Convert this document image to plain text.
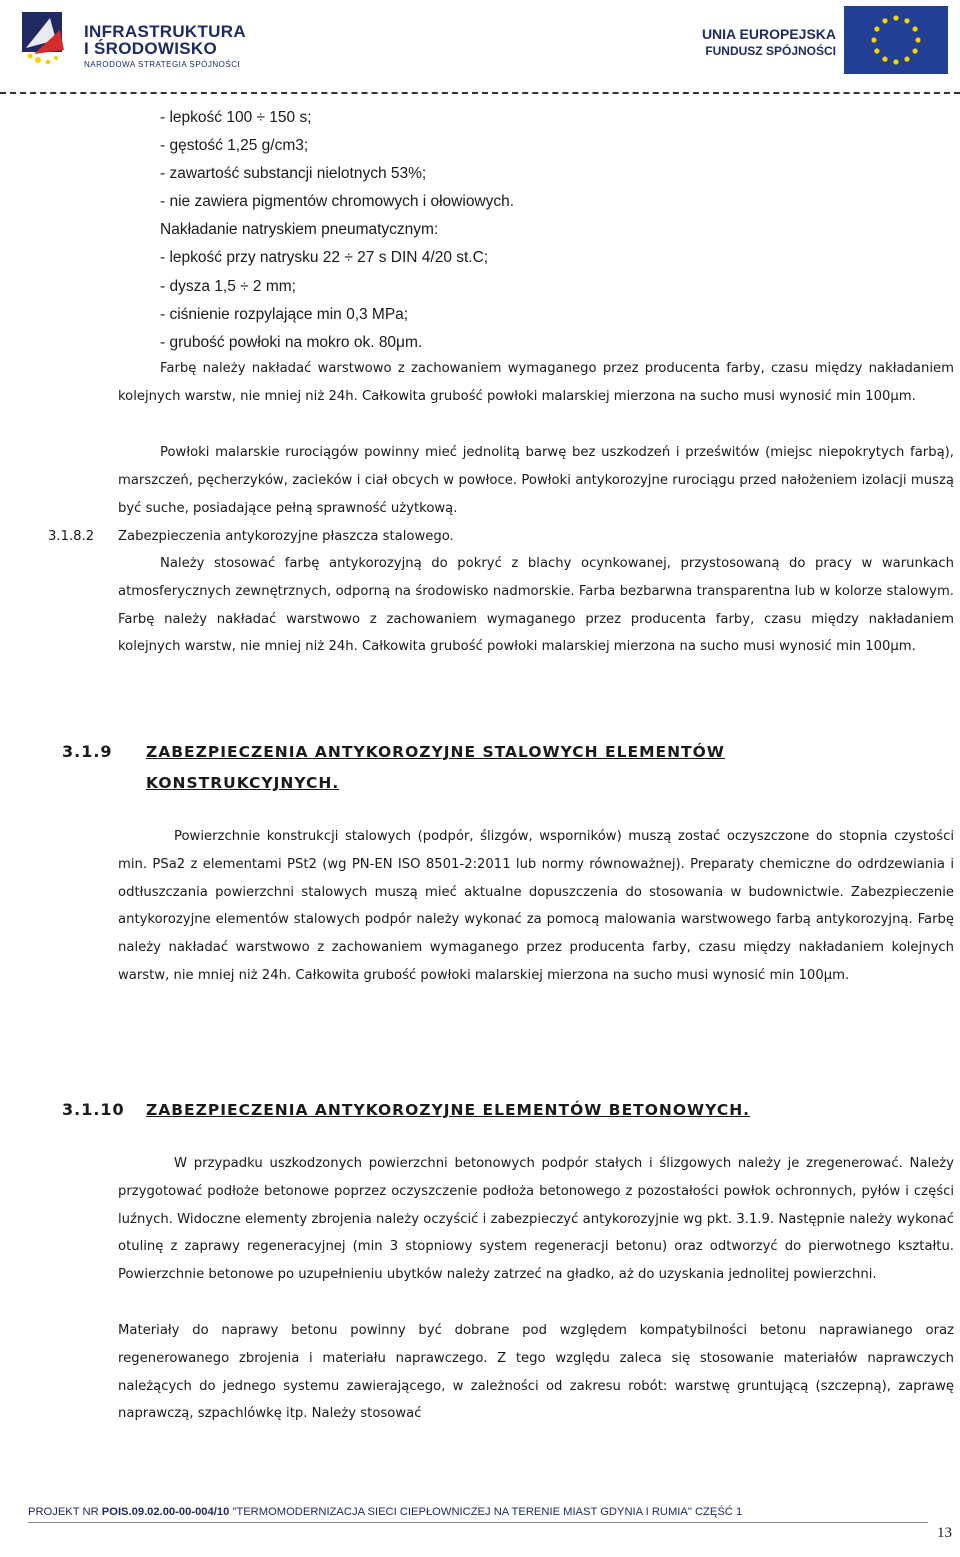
INFRASTRUKTURA
I ŚRODOWISKO
NARODOWA STRATEGIA SPÓJNOŚCI
UNIA EUROPEJSKA
FUNDUSZ SPÓJNOŚCI
- lepkość 100 ÷ 150 s;
- gęstość 1,25 g/cm3;
- zawartość substancji nielotnych 53%;
- nie zawiera pigmentów chromowych i ołowiowych.
Nakładanie natryskiem pneumatycznym:
- lepkość przy natrysku 22 ÷ 27 s DIN 4/20 st.C;
- dysza 1,5 ÷ 2 mm;
- ciśnienie rozpylające min 0,3 MPa;
- grubość powłoki na mokro ok. 80μm.

Farbę należy nakładać warstwowo z zachowaniem wymaganego przez producenta farby, czasu między nakładaniem kolejnych warstw, nie mniej niż 24h. Całkowita grubość powłoki malarskiej mierzona na sucho musi wynosić min 100μm.

Powłoki malarskie rurociągów powinny mieć jednolitą barwę bez uszkodzeń i prześwitów (miejsc niepokrytych farbą), marszczeń, pęcherzyków, zacieków i ciał obcych w powłoce. Powłoki antykorozyjne rurociągu przed nałożeniem izolacji muszą być suche, posiadające pełną sprawność użytkową.

3.1.8.2 Zabezpieczenia antykorozyjne płaszcza stalowego.

Należy stosować farbę antykorozyjną do pokryć z blachy ocynkowanej, przystosowaną do pracy w warunkach atmosferycznych zewnętrznych, odporną na środowisko nadmorskie. Farba bezbarwna transparentna lub w kolorze stalowym. Farbę należy nakładać warstwowo z zachowaniem wymaganego przez producenta farby, czasu między nakładaniem kolejnych warstw, nie mniej niż 24h. Całkowita grubość powłoki malarskiej mierzona na sucho musi wynosić min 100μm.

3.1.9 ZABEZPIECZENIA ANTYKOROZYJNE STALOWYCH ELEMENTÓW
KONSTRUKCYJNYCH.

Powierzchnie konstrukcji stalowych (podpór, ślizgów, wsporników) muszą zostać oczyszczone do stopnia czystości min. PSa2 z elementami PSt2 (wg PN-EN ISO 8501-2:2011 lub normy równoważnej). Preparaty chemiczne do odrdzewiania i odtłuszczania powierzchni stalowych muszą mieć aktualne dopuszczenia do stosowania w budownictwie. Zabezpieczenie antykorozyjne elementów stalowych podpór należy wykonać za pomocą malowania warstwowego farbą antykorozyjną. Farbę należy nakładać warstwowo z zachowaniem wymaganego przez producenta farby, czasu między nakładaniem kolejnych warstw, nie mniej niż 24h. Całkowita grubość powłoki malarskiej mierzona na sucho musi wynosić min 100μm.

3.1.10 ZABEZPIECZENIA ANTYKOROZYJNE ELEMENTÓW BETONOWYCH.

W przypadku uszkodzonych powierzchni betonowych podpór stałych i ślizgowych należy je zregenerować. Należy przygotować podłoże betonowe poprzez oczyszczenie podłoża betonowego z pozostałości powłok ochronnych, pyłów i części luźnych. Widoczne elementy zbrojenia należy oczyścić i zabezpieczyć antykorozyjnie wg pkt. 3.1.9. Następnie należy wykonać otulinę z zaprawy regeneracyjnej (min 3 stopniowy system regeneracji betonu) oraz odtworzyć do pierwotnego kształtu. Powierzchnie betonowe po uzupełnieniu ubytków należy zatrzeć na gładko, aż do uzyskania jednolitej powierzchni.

Materiały do naprawy betonu powinny być dobrane pod względem kompatybilności betonu naprawianego oraz regenerowanego zbrojenia i materiału naprawczego. Z tego względu zaleca się stosowanie materiałów naprawczych należących do jednego systemu zawierającego, w zależności od zakresu robót: warstwę gruntującą (szczepną), zaprawę naprawczą, szpachlówkę itp. Należy stosować

PROJEKT NR POIS.09.02.00-00-004/10 "TERMOMODERNIZACJA SIECI CIEPŁOWNICZEJ NA TERENIE MIAST GDYNIA I RUMIA" CZĘŚĆ 1
13
